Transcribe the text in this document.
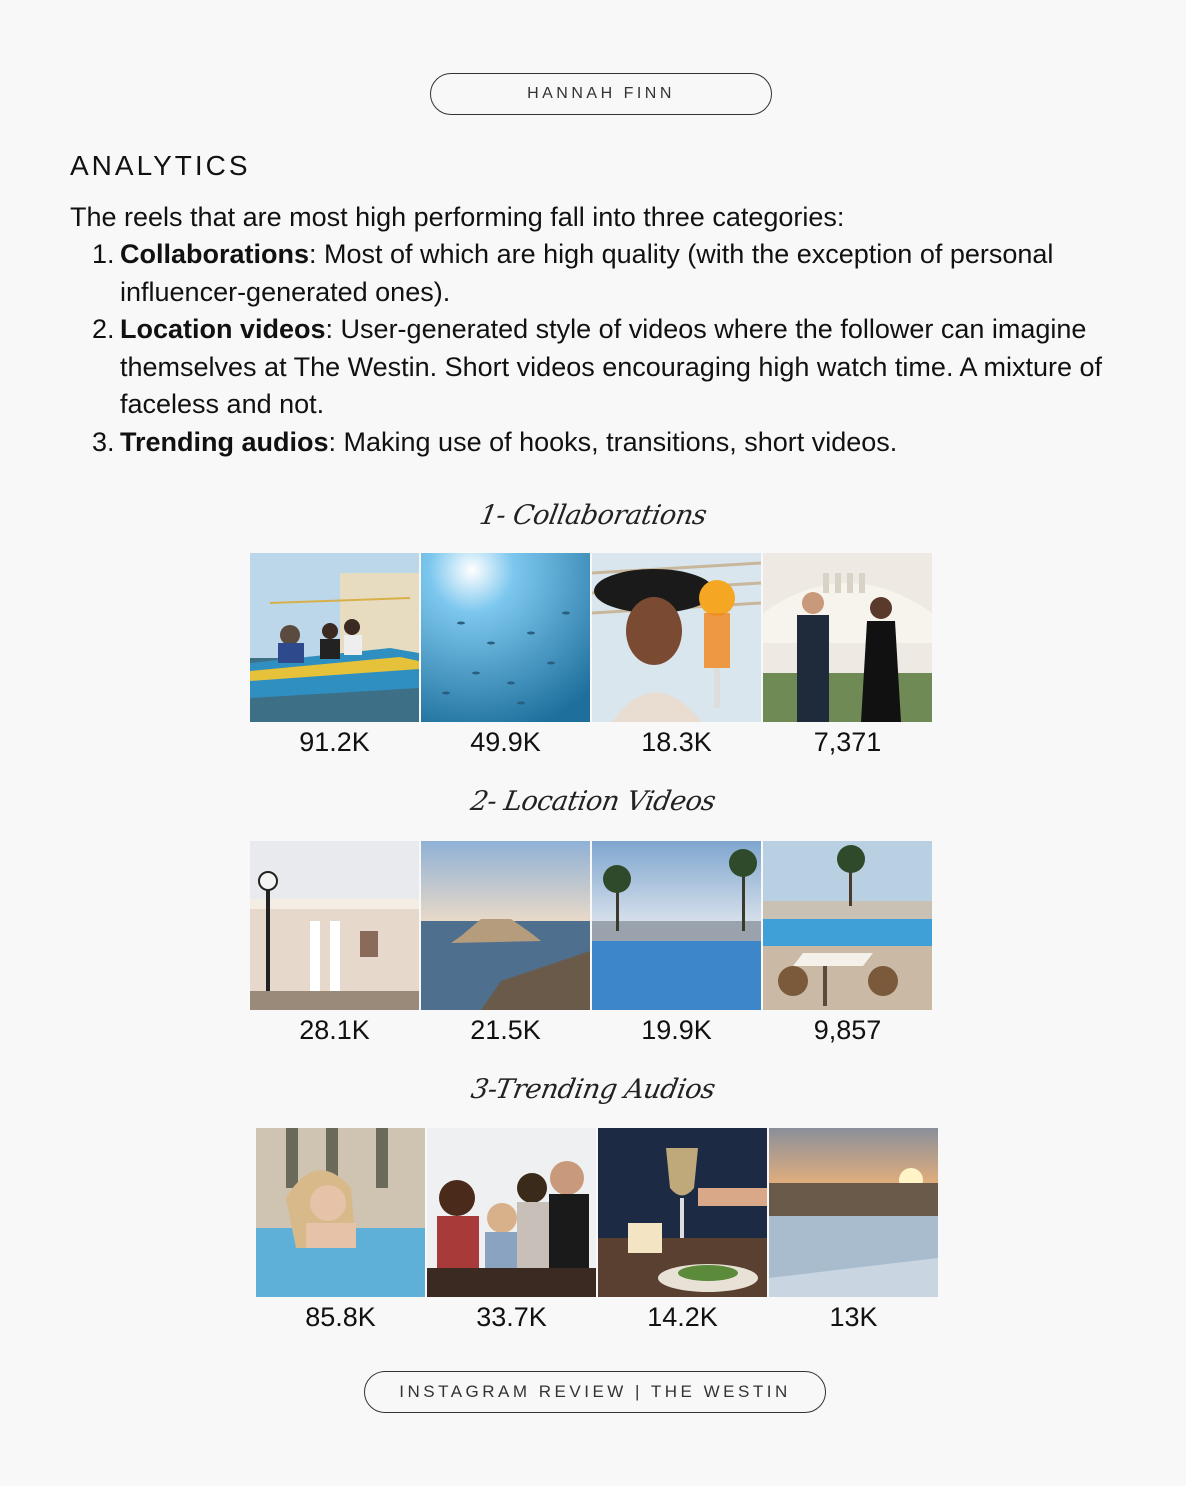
HANNAH FINN
ANALYTICS

The reels that are most high performing fall into three categories:

1. Collaborations: Most of which are high quality (with the exception of personal influencer-generated ones).
2. Location videos: User-generated style of videos where the follower can imagine themselves at The Westin. Short videos encouraging high watch time. A mixture of faceless and not.
3. Trending audios: Making use of hooks, transitions, short videos.
1- Collaborations
91.2K	49.9K	18.3K	7,371
2- Location Videos
28.1K	21.5K	19.9K	9,857
3-Trending Audios
85.8K	33.7K	14.2K	13K
INSTAGRAM REVIEW | THE WESTIN
